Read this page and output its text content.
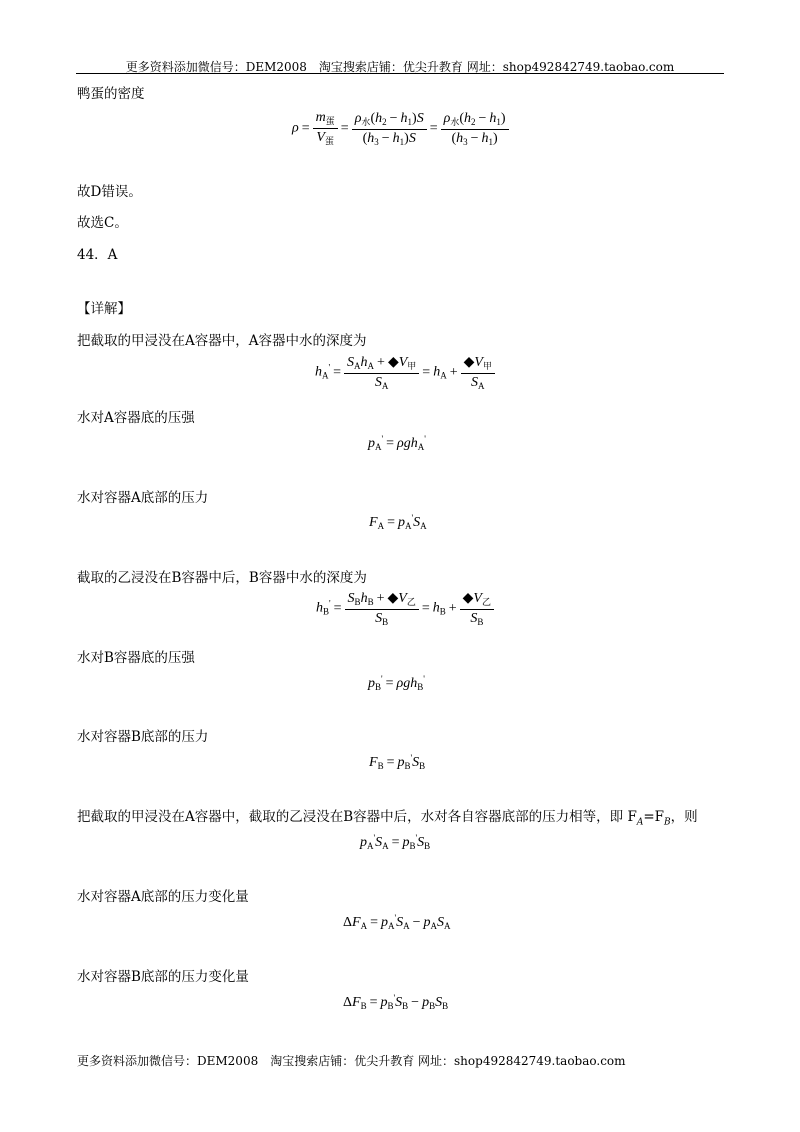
更多资料添加微信号：DEM2008　淘宝搜索店铺：优尖升教育 网址：shop492842749.taobao.com
鸭蛋的密度
$\rho = \frac{m_蛋}{V_蛋} = \frac{\rho_水(h_2 - h_1)S}{(h_3 - h_1)S} = \frac{\rho_水(h_2 - h_1)}{(h_3 - h_1)}$
故D错误。
故选C。
44．A
【详解】
把截取的甲浸没在A容器中，A容器中水的深度为
$h_A' = \frac{S_Ah_A + ◆V_甲}{S_A} = h_A + \frac{◆V_甲}{S_A}$
水对A容器底的压强
$p_A' = \rho gh_A'$
水对容器A底部的压力
$F_A = p_A'S_A$
截取的乙浸没在B容器中后，B容器中水的深度为
$h_B' = \frac{S_Bh_B + ◆V_乙}{S_B} = h_B + \frac{◆V_乙}{S_B}$
水对B容器底的压强
$p_B' = \rho gh_B'$
水对容器B底部的压力
$F_B = p_B'S_B$
把截取的甲浸没在A容器中，截取的乙浸没在B容器中后，水对各自容器底部的压力相等，即 $F_A=F_B$，则
$p_A'S_A = p_B'S_B$
水对容器A底部的压力变化量
$\Delta F_A = p_A'S_A - p_AS_A$
水对容器B底部的压力变化量
$\Delta F_B = p_B'S_B - p_BS_B$
更多资料添加微信号：DEM2008　淘宝搜索店铺：优尖升教育 网址：shop492842749.taobao.com
